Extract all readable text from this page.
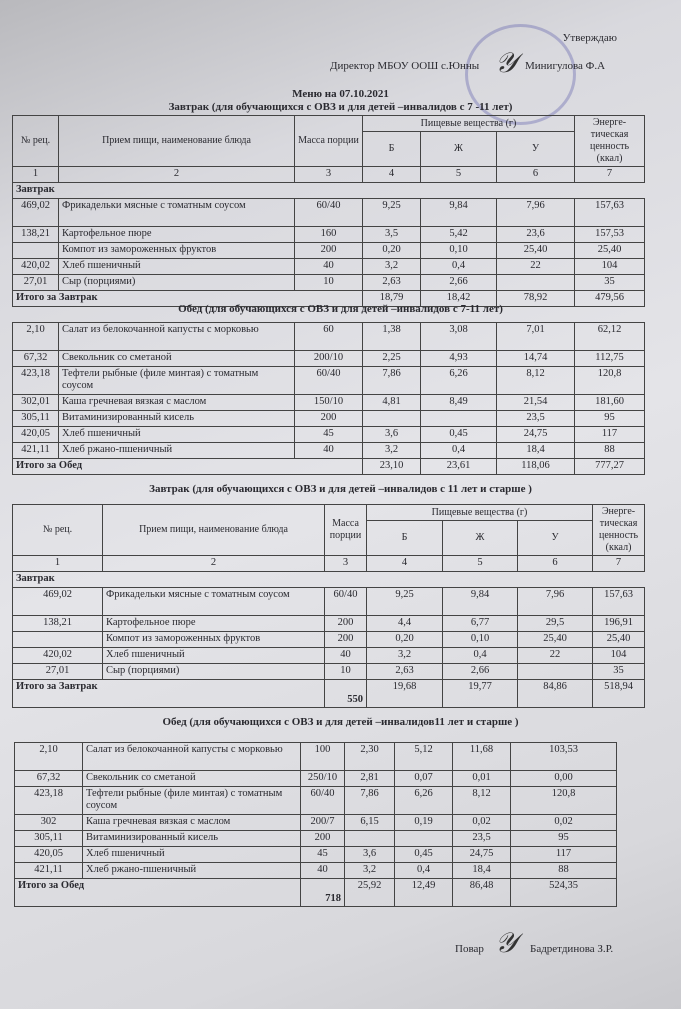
Утверждаю
Директор МБОУ ООШ с.Юнны 𝒴 Минигулова Ф.А
Меню на 07.10.2021
Завтрак (для обучающихся с ОВЗ и для детей –инвалидов с 7 -11 лет)
№ рец.	Прием пищи, наименование блюда	Масса порции	Пищевые вещества (г)			Энерге-тическая ценность (ккал)
			Б	Ж	У	
1	2	3	4	5	6	7
Завтрак						
469,02	Фрикадельки мясные с томатным соусом	60/40	9,25	9,84	7,96	157,63
138,21	Картофельное пюре	160	3,5	5,42	23,6	157,53
	Компот из замороженных фруктов	200	0,20	0,10	25,40	25,40
420,02	Хлеб пшеничный	40	3,2	0,4	22	104
27,01	Сыр (порциями)	10	2,63	2,66		35
Итого за Завтрак			18,79	18,42	78,92	479,56
Обед (для обучающихся с ОВЗ и для детей –инвалидов с 7-11 лет)
2,10	Салат из белокочанной капусты с морковью	60	1,38	3,08	7,01	62,12
67,32	Свекольник со сметаной	200/10	2,25	4,93	14,74	112,75
423,18	Тефтели рыбные (филе минтая) с томатным соусом	60/40	7,86	6,26	8,12	120,8
302,01	Каша гречневая вязкая с маслом	150/10	4,81	8,49	21,54	181,60
305,11	Витаминизированный кисель	200			23,5	95
420,05	Хлеб пшеничный	45	3,6	0,45	24,75	117
421,11	Хлеб ржано-пшеничный	40	3,2	0,4	18,4	88
Итого за Обед			23,10	23,61	118,06	777,27
Завтрак (для обучающихся с ОВЗ и для детей –инвалидов с 11 лет и старше )
№ рец.	Прием пищи, наименование блюда	Масса порции	Пищевые вещества (г)			Энерге-тическая ценность (ккал)
			Б	Ж	У	
1	2	3	4	5	6	7
Завтрак						
469,02	Фрикадельки мясные с томатным соусом	60/40	9,25	9,84	7,96	157,63
138,21	Картофельное пюре	200	4,4	6,77	29,5	196,91
	Компот из замороженных фруктов	200	0,20	0,10	25,40	25,40
420,02	Хлеб пшеничный	40	3,2	0,4	22	104
27,01	Сыр (порциями)	10	2,63	2,66		35
Итого за Завтрак		550	19,68	19,77	84,86	518,94
Обед (для обучающихся с ОВЗ и для детей –инвалидов11 лет и старше )
2,10	Салат из белокочанной капусты с морковью	100	2,30	5,12	11,68	103,53
67,32	Свекольник со сметаной	250/10	2,81	0,07	0,01	0,00
423,18	Тефтели рыбные (филе минтая) с томатным соусом	60/40	7,86	6,26	8,12	120,8
302	Каша гречневая вязкая с маслом	200/7	6,15	0,19	0,02	0,02
305,11	Витаминизированный кисель	200			23,5	95
420,05	Хлеб пшеничный	45	3,6	0,45	24,75	117
421,11	Хлеб ржано-пшеничный	40	3,2	0,4	18,4	88
Итого за Обед		718	25,92	12,49	86,48	524,35
Повар 𝒴 Бадретдинова З.Р.
